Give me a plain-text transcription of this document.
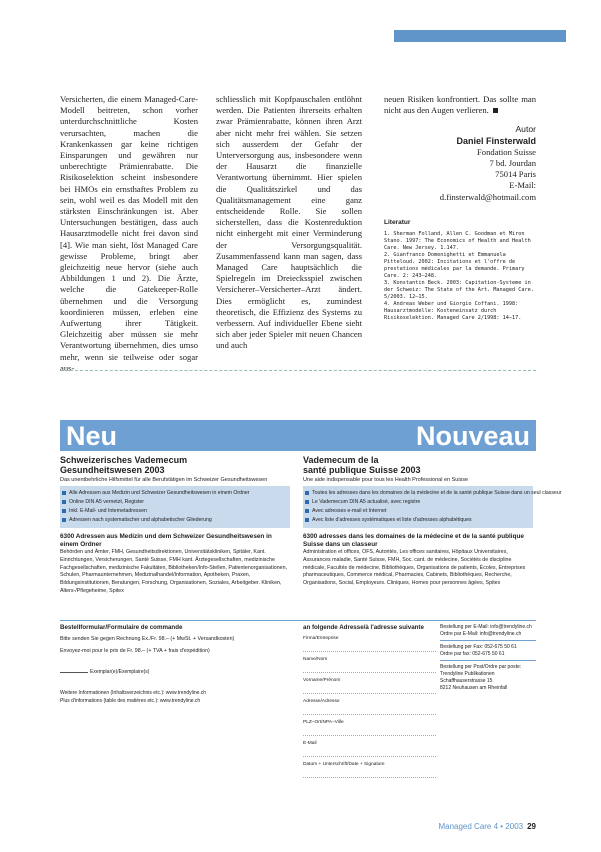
Versicherten, die einem Managed-Care-Modell beitreten, schon vorher unterdurchschnittliche Kosten verursachten, machen die Krankenkassen gar keine richtigen Einsparungen und gewähren nur unberechtigte Prämienrabatte. Die Risikoselektion scheint insbesondere bei HMOs ein ernsthaftes Problem zu sein, wohl weil es das Modell mit den stärksten Einschränkungen ist. Aber Untersuchungen bestätigen, dass auch Hausarztmodelle nicht frei davon sind [4]. Wie man sieht, löst Managed Care gewisse Probleme, bringt aber gleichzeitig neue hervor (siehe auch Abbildungen 1 und 2). Die Ärzte, welche die Gatekeeper-Rolle übernehmen und die Versorgung koordinieren müssen, erleben eine Aufwertung ihrer Tätigkeit. Gleichzeitig aber müssen sie mehr Verantwortung übernehmen, dies umso mehr, wenn sie teilweise oder sogar aus-

schliesslich mit Kopfpauschalen entlöhnt werden. Die Patienten ihrerseits erhalten zwar Prämienrabatte, können ihren Arzt aber nicht mehr frei wählen. Sie setzen sich ausserdem der Gefahr der Unterversorgung aus, insbesondere wenn der Hausarzt die finanzielle Verantwortung übernimmt. Hier spielen die Qualitätszirkel und das Qualitätsmanagement eine ganz entscheidende Rolle. Sie sollen sicherstellen, dass die Kostenreduktion nicht einhergeht mit einer Verminderung der Versorgungsqualität. Zusammenfassend kann man sagen, dass Managed Care hauptsächlich die Spielregeln im Dreiecksspiel zwischen Versicherer–Versicherter–Arzt ändert. Dies ermöglicht es, zumindest theoretisch, die Effizienz des Systems zu verbessern. Auf individueller Ebene sieht sich aber jeder Spieler mit neuen Chancen und auch

neuen Risiken konfrontiert. Das sollte man nicht aus den Augen verlieren.

Autor
Daniel Finsterwald
Fondation Suisse
7 bd. Jourdan
75014 Paris
E-Mail:
d.finsterwald@hotmail.com
Literatur

1. Sherman Folland, Allen C. Goodman et Miron Stano. 1997: The Economics of Health and Health Care. New Jersey. 1.147.

2. Gianfranco Domenighetti et Emmanuela Pitteloud. 2002: Incitations et l'offre de prestations médicales par la demande. Primary Care. 2: 243–248.

3. Konstantin Beck. 2003: Capitation-Systeme in der Schweiz: The State of the Art. Managed Care. 5/2003. 12–15.

4. Andreas Weber und Giorgio Coffani. 1998: Hausarztmodelle: Kosteneinsatz durch Risikoselektion. Managed Care 2/1998: 14–17.

Neu	Nouveau
Schweizerisches Vademecum
Gesundheitswesen 2003
Das unentbehrliche Hilfsmittel für alle Berufstätigen im Schweizer Gesundheitswesen
Alle Adressen aus Medizin und Schweizer Gesundheitswesen in einem Ordner
Online DIN A5 vernetzt, Register
Inkl. E-Mail- und Internetadressen
Adressen nach systematischer und alphabetischer Gliederung
6300 Adressen aus Medizin und dem Schweizer Gesundheitswesen in einem Ordner
Behörden und Ämter, FMH, Gesundheitsdirektionen, Universitätskliniken, Spitäler, Kant. Einrichtungen, Versicherungen, Santé Suisse, FMH kant. Ärztegesellschaften, medizinische Fachgesellschaften, medizinische Fakultäten, Bibliotheken/Info-Stellen, Patientenorganisationen, Schulen, Pharmaunternehmen, Medizinalhandel/Information, Apotheken, Praxen, Bildungsinstitutionen, Beratungen, Forschung, Organisationen, Soziales, Arbeitgeber. Kliniken, Alters-/Pflegeheime, Spitex
Vademecum de la
santé publique Suisse 2003
Une aide indispensable pour tous les Health Professional en Suisse
Toutes les adresses dans les domaines de la médecine et de la santé publique Suisse dans un seul classeur
Le Vademecum DIN A5 actualisé, avec registre
Avec adresses e-mail et Internet
Avec liste d'adresses systématiques et liste d'adresses alphabétiques
6300 adresses dans les domaines de la médecine et de la santé publique Suisse dans un classeur
Administration et offices, OFS, Autorités, Les offices sanitaires, Hôpitaux Universitaires, Assurances maladie, Santé Suisse, FMH, Soc. cant. de médecine, Sociétés de discipline médicale, Facultés de médecine, Bibliothèques, Organisations de patients, Écoles, Entreprises pharmaceutiques, Commerce médical, Pharmacies, Cabinets, Bibliothèques, Recherche, Organisations, Social, Employeurs. Cliniques, Homes pour personnes âgées, Spitex
Bestellformular/Formulaire de commande
Bitte senden Sie gegen Rechnung Ex./Fr. 98.– (+ MwSt. + Versandkosten)
Envoyez-moi pour le prix de Fr. 98.– (+ TVA + frais d'expédition)
Exemplar(e)/Exemplaire(s)
Weitere Informationen (Inhaltsverzeichnis etc.): www.trendyline.ch
Plus d'informations (table des matières etc.): www.trendyline.ch
an folgende Adresse/à l'adresse suivante
Firma/Entreprise
Name/Nom
Vorname/Prénom
Adresse/Adresse
PLZ–Ort/NPA–Ville
E-Mail
Datum + Unterschrift/Date + Signature
Bestellung per E-Mail: info@trendyline.ch
Ordre par E-Mail: info@trendyline.ch
Bestellung per Fax: 052-675 50 61
Ordre par fax: 052-675 50 61
Bestellung per Post/Ordre par poste:
Trendyline Publikationen
Schaffhauserstrasse 15
8212 Neuhausen am Rheinfall
Managed Care 4 • 2003 29
